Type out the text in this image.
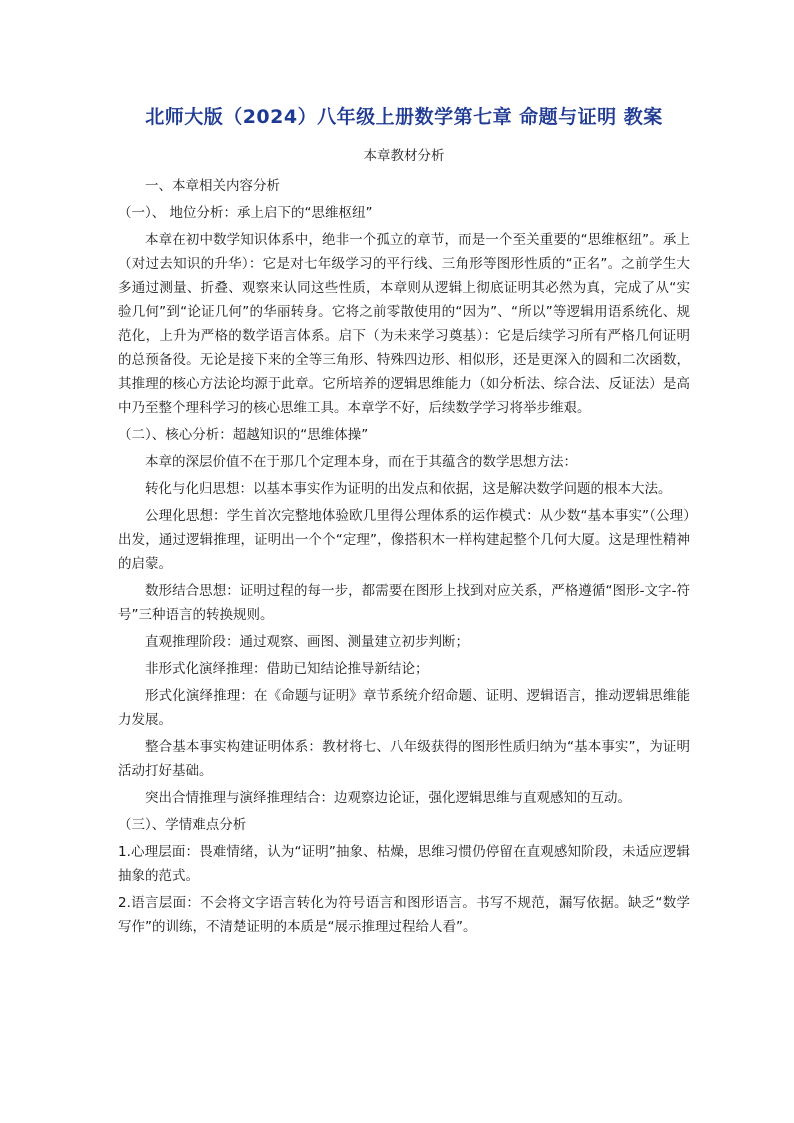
北师大版（2024）八年级上册数学第七章 命题与证明 教案
本章教材分析
一、本章相关内容分析
（一）、 地位分析：承上启下的“思维枢纽”
本章在初中数学知识体系中，绝非一个孤立的章节，而是一个至关重要的“思维枢纽”。承上（对过去知识的升华）：它是对七年级学习的平行线、三角形等图形性质的“正名”。之前学生大多通过测量、折叠、观察来认同这些性质，本章则从逻辑上彻底证明其必然为真，完成了从“实验几何”到“论证几何”的华丽转身。它将之前零散使用的“因为”、“所以”等逻辑用语系统化、规范化，上升为严格的数学语言体系。启下（为未来学习奠基）：它是后续学习所有严格几何证明的总预备役。无论是接下来的全等三角形、特殊四边形、相似形，还是更深入的圆和二次函数，其推理的核心方法论均源于此章。它所培养的逻辑思维能力（如分析法、综合法、反证法）是高中乃至整个理科学习的核心思维工具。本章学不好，后续数学学习将举步维艰。
（二）、核心分析：超越知识的“思维体操”
本章的深层价值不在于那几个定理本身，而在于其蕴含的数学思想方法：
转化与化归思想：以基本事实作为证明的出发点和依据，这是解决数学问题的根本大法。
公理化思想：学生首次完整地体验欧几里得公理体系的运作模式：从少数“基本事实”（公理）出发，通过逻辑推理，证明出一个个“定理”，像搭积木一样构建起整个几何大厦。这是理性精神的启蒙。
数形结合思想：证明过程的每一步，都需要在图形上找到对应关系，严格遵循“图形-文字-符号”三种语言的转换规则。
直观推理阶段：通过观察、画图、测量建立初步判断；
非形式化演绎推理：借助已知结论推导新结论；
形式化演绎推理：在《命题与证明》章节系统介绍命题、证明、逻辑语言，推动逻辑思维能力发展。
整合基本事实构建证明体系：教材将七、八年级获得的图形性质归纳为“基本事实”，为证明活动打好基础。
突出合情推理与演绎推理结合：边观察边论证，强化逻辑思维与直观感知的互动。
（三）、学情难点分析
1.心理层面：畏难情绪，认为“证明”抽象、枯燥，思维习惯仍停留在直观感知阶段，未适应逻辑抽象的范式。
2.语言层面：不会将文字语言转化为符号语言和图形语言。书写不规范，漏写依据。缺乏“数学写作”的训练，不清楚证明的本质是“展示推理过程给人看”。
